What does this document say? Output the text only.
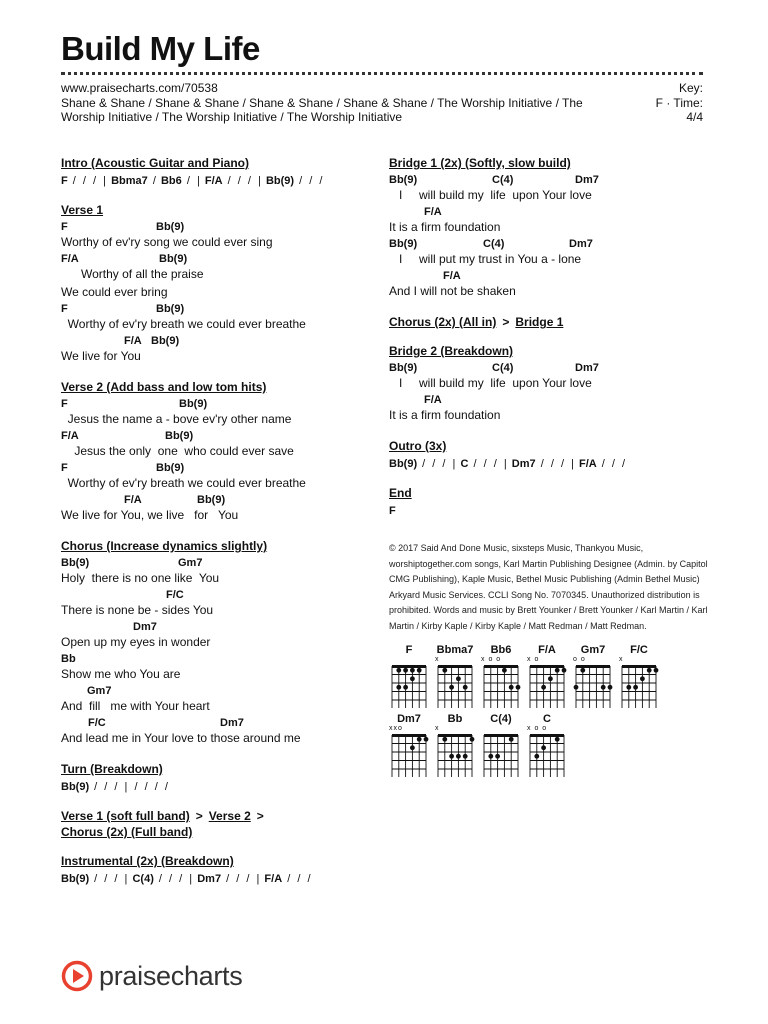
Build My Life
www.praisecharts.com/70538
Shane & Shane / Shane & Shane / Shane & Shane / Shane & Shane / The Worship Initiative / The Worship Initiative / The Worship Initiative / The Worship Initiative
Key:
F · Time:
4/4
Intro (Acoustic Guitar and Piano)
F / / / | Bbma7 / Bb6 / | F/A / / / | Bb(9) / / /
Verse 1
F	Bb(9)
Worthy of ev'ry song we could ever sing
F/A	Bb(9)
Worthy of all the praise
We could ever bring
F	Bb(9)
Worthy of ev'ry breath we could ever breathe
F/A Bb(9)
We live for You
Verse 2 (Add bass and low tom hits)
F	Bb(9)
Jesus the name a - bove ev'ry other name
F/A	Bb(9)
Jesus the only  one  who could ever save
F	Bb(9)
Worthy of ev'ry breath we could ever breathe
F/A	Bb(9)
We live for You, we live   for   You
Chorus (Increase dynamics slightly)
Bb(9)	Gm7
Holy  there is no one like  You
F/C
There is none be - sides You
Dm7
Open up my eyes in wonder
Bb
Show me who You are
Gm7
And  fill   me with Your heart
F/C	Dm7
And lead me in Your love to those around me
Turn (Breakdown)
Bb(9) / / / | / / / /
Verse 1 (soft full band) > Verse 2 >
Chorus (2x) (Full band)
Instrumental (2x) (Breakdown)
Bb(9) / / / | C(4) / / / | Dm7 / / / | F/A / / /
Bridge 1 (2x) (Softly, slow build)
Bb(9)	C(4)	Dm7
I     will build my  life  upon Your love
F/A
It is a firm foundation
Bb(9)	C(4)	Dm7
I     will put my trust in You a - lone
F/A
And I will not be shaken
Chorus (2x) (All in) > Bridge 1
Bridge 2 (Breakdown)
Bb(9)	C(4)	Dm7
I     will build my  life  upon Your love
F/A
It is a firm foundation
Outro (3x)
Bb(9) / / / | C / / / | Dm7 / / / | F/A / / /
End
F
© 2017 Said And Done Music, sixsteps Music, Thankyou Music, worshiptogether.com songs, Karl Martin Publishing Designee (Admin. by Capitol CMG Publishing), Kaple Music, Bethel Music Publishing (Admin Bethel Music) Arkyard Music Services. CCLI Song No. 7070345. Unauthorized distribution is prohibited. Words and music by Brett Younker / Brett Younker / Karl Martin / Karl Martin / Kirby Kaple / Kirby Kaple / Matt Redman / Matt Redman.
F	Bbma7
x
Bb6
x o o
F/A
x o
Gm7
o o
F/C
x
Dm7
xxo
Bb
x
C(4)	C
x o o
praisecharts
